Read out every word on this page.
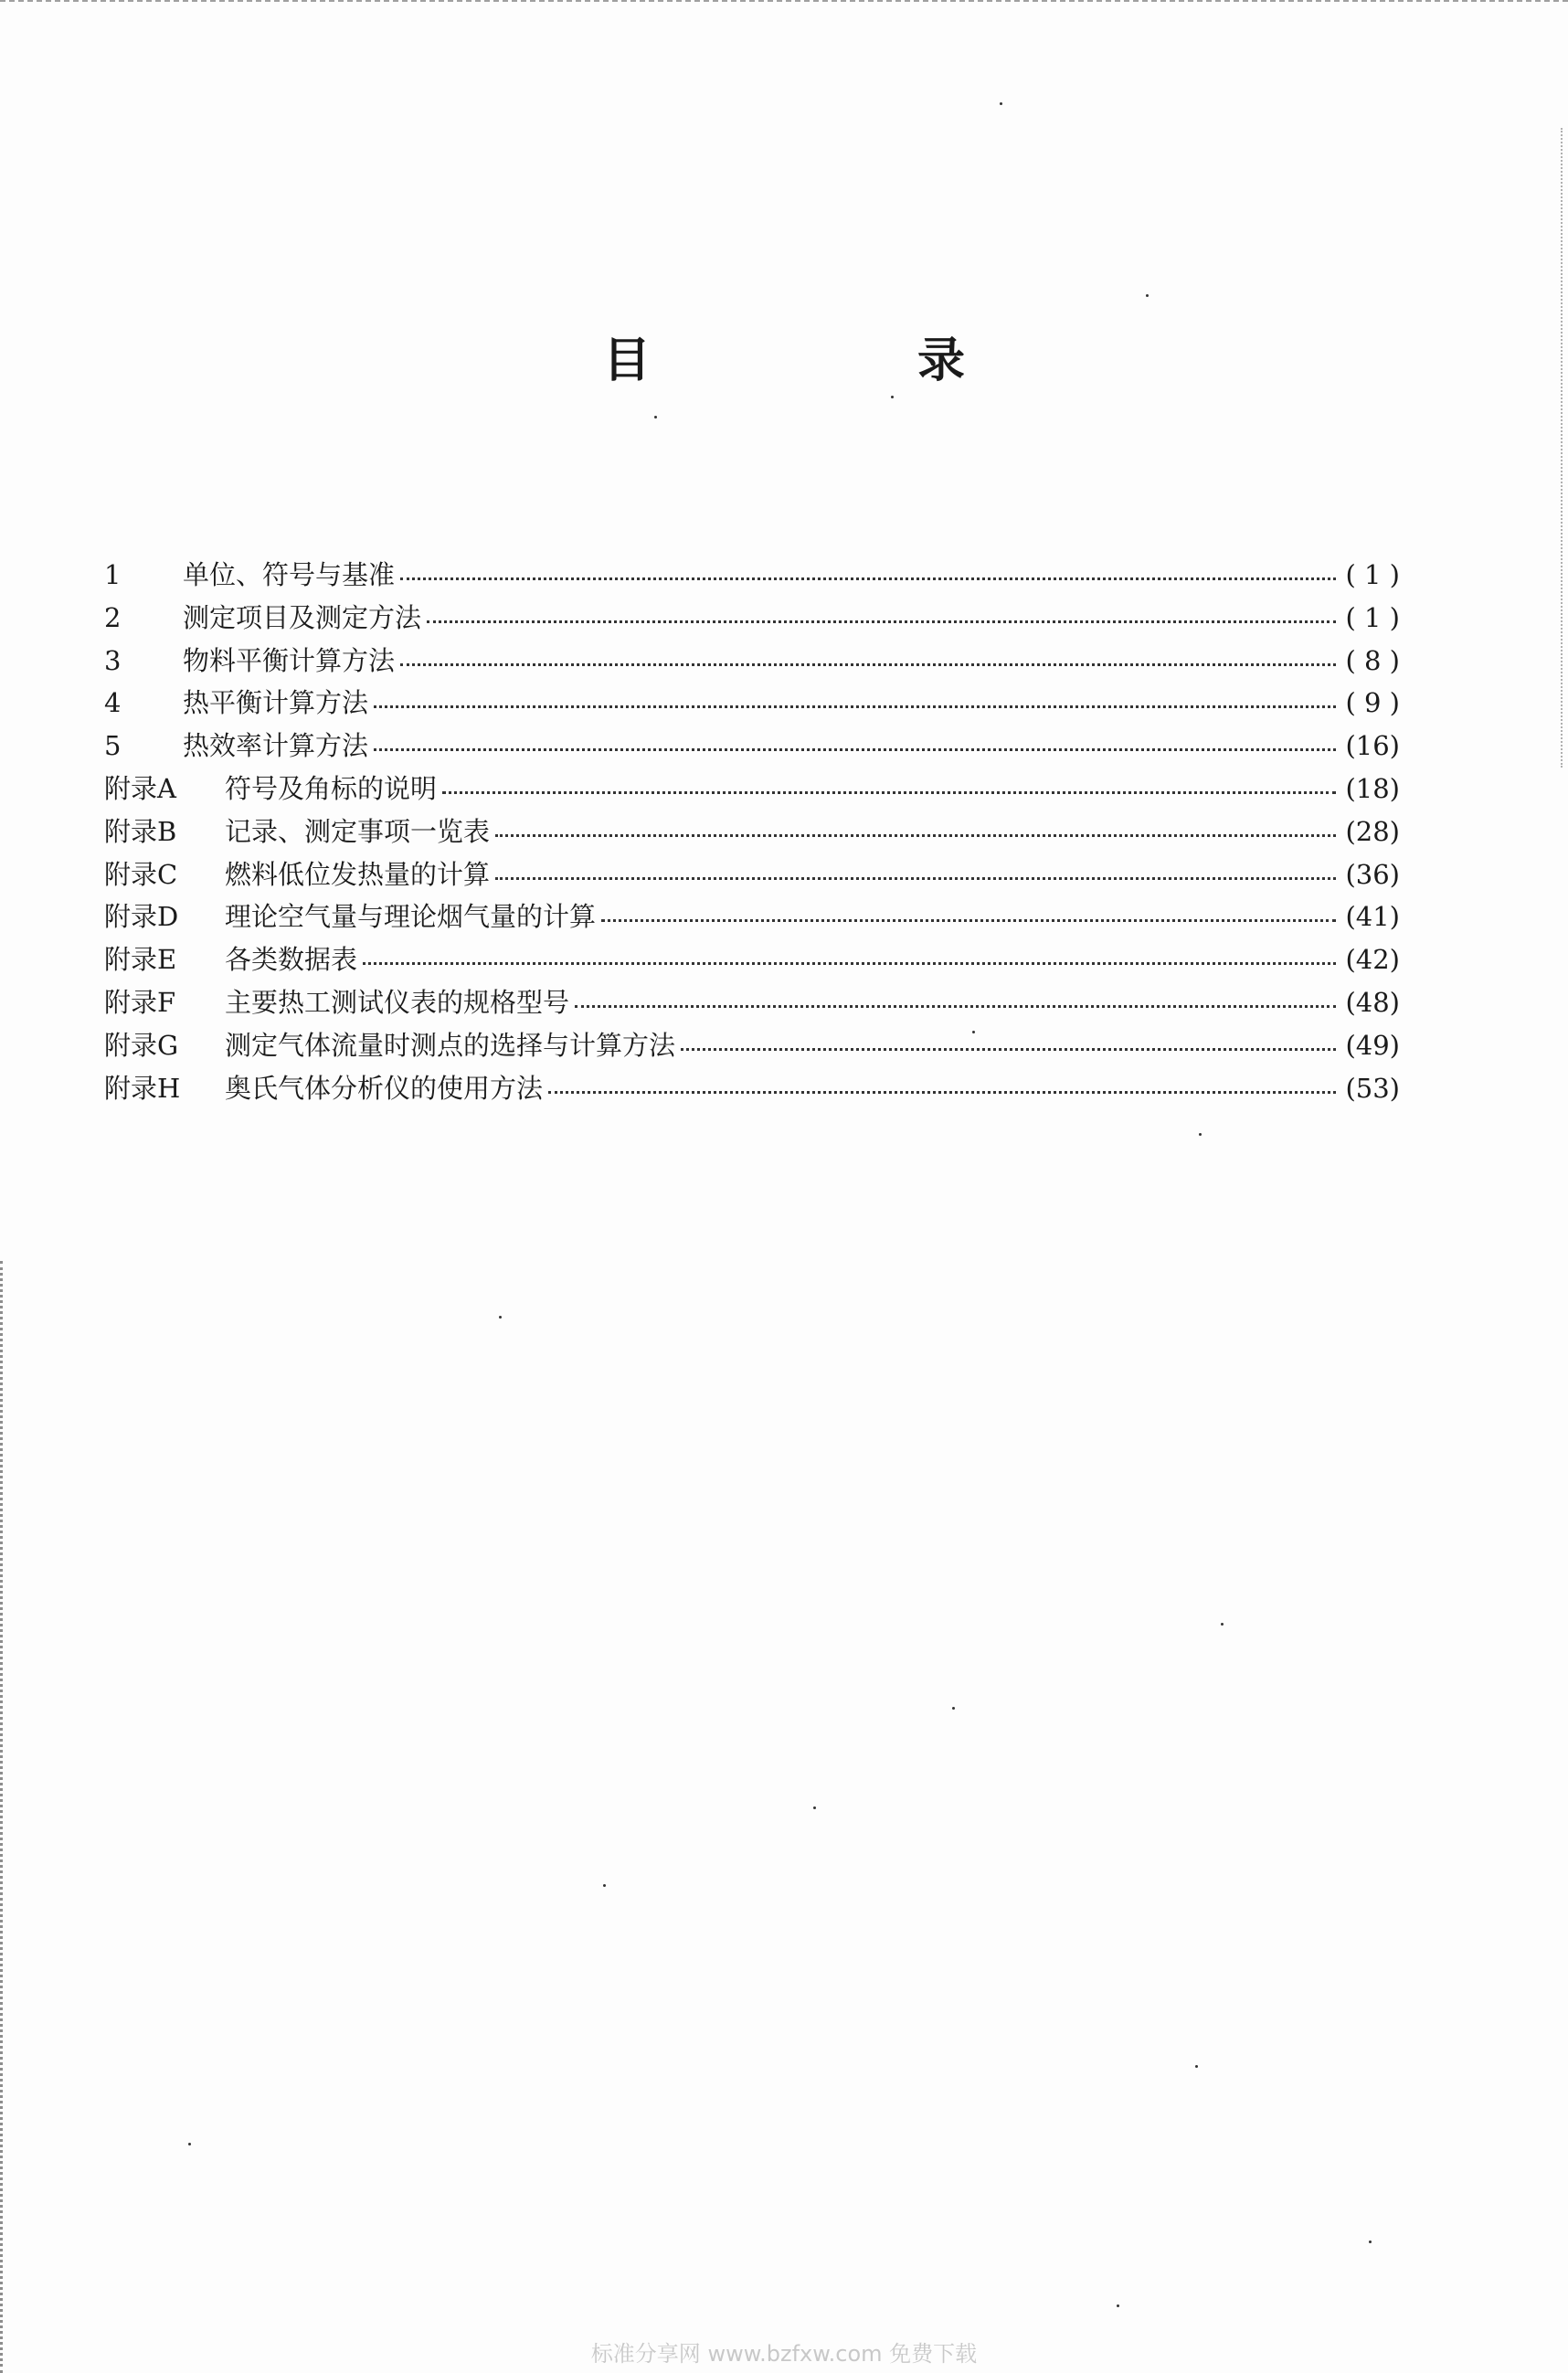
目　录
1	单位、符号与基准	( 1 )
2	测定项目及测定方法	( 1 )
3	物料平衡计算方法	( 8 )
4	热平衡计算方法	( 9 )
5	热效率计算方法	(16)
附录A	符号及角标的说明	(18)
附录B	记录、测定事项一览表	(28)
附录C	燃料低位发热量的计算	(36)
附录D	理论空气量与理论烟气量的计算	(41)
附录E	各类数据表	(42)
附录F	主要热工测试仪表的规格型号	(48)
附录G	测定气体流量时测点的选择与计算方法	(49)
附录H	奥氏气体分析仪的使用方法	(53)
标准分享网 www.bzfxw.com 免费下载
